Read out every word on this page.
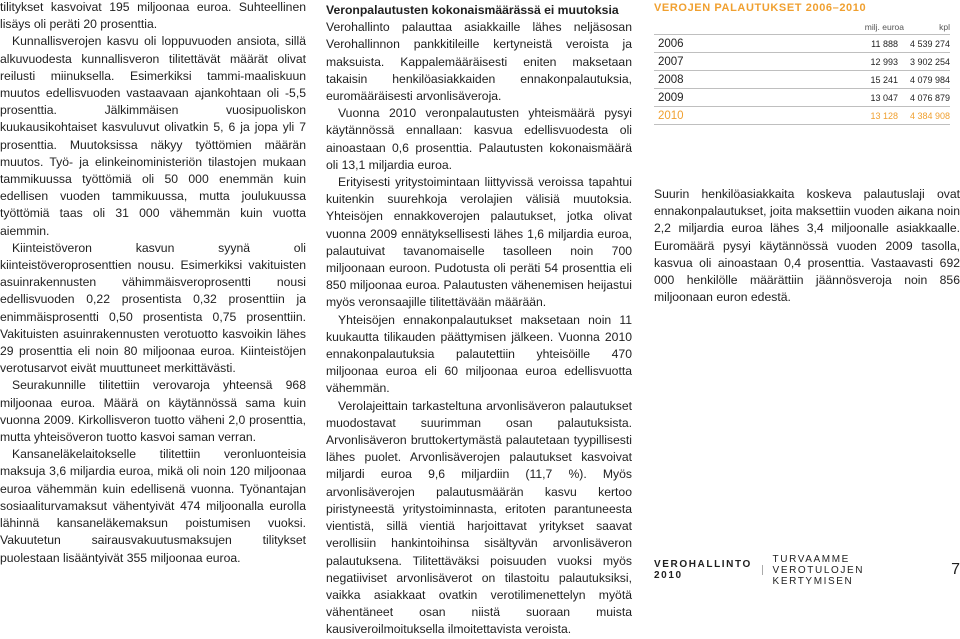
tilitykset kasvoivat 195 miljoonaa euroa. Suhteellinen lisäys oli peräti 20 prosenttia.

Kunnallisverojen kasvu oli loppuvuoden ansiota, sillä alkuvuodesta kunnallisveron tilitettävät määrät olivat reilusti miinuksella. Esimerkiksi tammi-maaliskuun muutos edellisvuoden vastaavaan ajankohtaan oli -5,5 prosenttia. Jälkimmäisen vuosipuoliskon kuukausikohtaiset kasvuluvut olivatkin 5, 6 ja jopa yli 7 prosenttia. Muutoksissa näkyy työttömien määrän muutos. Työ- ja elinkeinoministeriön tilastojen mukaan tammikuussa työttömiä oli 50 000 enemmän kuin edellisen vuoden tammikuussa, mutta joulukuussa työttömiä taas oli 31 000 vähemmän kuin vuotta aiemmin.

Kiinteistöveron kasvun syynä oli kiinteistöveroprosenttien nousu. Esimerkiksi vakituisten asuinrakennusten vähimmäisveroprosentti nousi edellisvuoden 0,22 prosentista 0,32 prosenttiin ja enimmäisprosentti 0,50 prosentista 0,75 prosenttiin. Vakituisten asuinrakennusten verotuotto kasvoikin lähes 29 prosenttia eli noin 80 miljoonaa euroa. Kiinteistöjen verotusarvot eivät muuttuneet merkittävästi.

Seurakunnille tilitettiin verovaroja yhteensä 968 miljoonaa euroa. Määrä on käytännössä sama kuin vuonna 2009. Kirkollisveron tuotto väheni 2,0 prosenttia, mutta yhteisöveron tuotto kasvoi saman verran.

Kansaneläkelaitokselle tilitettiin veronluonteisia maksuja 3,6 miljardia euroa, mikä oli noin 120 miljoonaa euroa vähemmän kuin edellisenä vuonna. Työnantajan sosiaaliturvamaksut vähentyivät 474 miljoonalla eurolla lähinnä kansaneläkemaksun poistumisen vuoksi. Vakuutetun sairausvakuutusmaksujen tilitykset puolestaan lisääntyivät 355 miljoonaa euroa.

Veronpalautusten kokonaismäärässä ei muutoksia

Verohallinto palauttaa asiakkaille lähes neljäsosan Verohallinnon pankkitileille kertyneistä veroista ja maksuista. Kappalemääräisesti eniten maksetaan takaisin henkilöasiakkaiden ennakonpalautuksia, euromääräisesti arvonlisäveroja.

Vuonna 2010 veronpalautusten yhteismäärä pysyi käytännössä ennallaan: kasvua edellisvuodesta oli ainoastaan 0,6 prosenttia. Palautusten kokonaismäärä oli 13,1 miljardia euroa.

Erityisesti yritystoimintaan liittyvissä veroissa tapahtui kuitenkin suurehkoja verolajien välisiä muutoksia. Yhteisöjen ennakkoverojen palautukset, jotka olivat vuonna 2009 ennätyksellisesti lähes 1,6 miljardia euroa, palautuivat tavanomaiselle tasolleen noin 700 miljoonaan euroon. Pudotusta oli peräti 54 prosenttia eli 850 miljoonaa euroa. Palautusten vähenemisen heijastui myös veronsaajille tilitettävään määrään.

Yhteisöjen ennakonpalautukset maksetaan noin 11 kuukautta tilikauden päättymisen jälkeen. Vuonna 2010 ennakonpalautuksia palautettiin yhteisöille 470 miljoonaa euroa eli 60 miljoonaa euroa edellisvuotta vähemmän.

Verolajeittain tarkasteltuna arvonlisäveron palautukset muodostavat suurimman osan palautuksista. Arvonlisäveron bruttokertymästä palautetaan tyypillisesti lähes puolet. Arvonlisäverojen palautukset kasvoivat miljardi euroa 9,6 miljardiin (11,7 %). Myös arvonlisäverojen palautusmäärän kasvu kertoo piristyneestä yritystoiminnasta, eritoten parantuneesta vientistä, sillä vientiä harjoittavat yritykset saavat verollisiin hankintoihinsa sisältyvän arvonlisäveron palautuksena. Tilitettäväksi poisuuden vuoksi myös negatiiviset arvonlisäverot on tilastoitu palautuksiksi, vaikka asiakkaat ovatkin verotilimenettelyn myötä vähentäneet osan niistä suoraan muista kausiveroilmoituksella ilmoitettavista veroista.

VEROJEN PALAUTUKSET 2006–2010

milj. euroa	kpl
2006	11 888	4 539 274
2007	12 993	3 902 254
2008	15 241	4 079 984
2009	13 047	4 076 879
2010	13 128	4 384 908

Suurin henkilöasiakkaita koskeva palautuslaji ovat ennakonpalautukset, joita maksettiin vuoden aikana noin 2,2 miljardia euroa lähes 3,4 miljoonalle asiakkaalle. Euromäärä pysyi käytännössä vuoden 2009 tasolla, kasvua oli ainoastaan 0,4 prosenttia. Vastaavasti 692 000 henkilölle määrättiin jäännösveroja noin 856 miljoonaan euron edestä.

VEROHALLINTO 2010
TURVAAMME VEROTULOJEN KERTYMISEN
7
